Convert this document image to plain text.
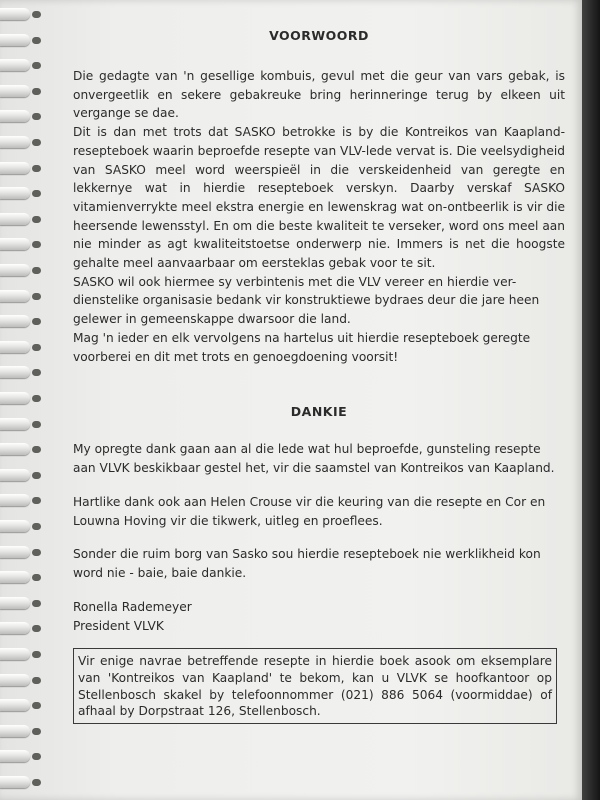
VOORWOORD

Die gedagte van 'n gesellige kombuis, gevul met die geur van vars gebak, is onvergeetlik en sekere gebakreuke bring herinneringe terug by elkeen uit vergange se dae.

Dit is dan met trots dat SASKO betrokke is by die Kontreikos van Kaapland-resepteboek waarin beproefde resepte van VLV-lede vervat is. Die veelsydigheid van SASKO meel word weerspieël in die verskeidenheid van geregte en lekkernye wat in hierdie resepteboek verskyn. Daarby verskaf SASKO vitamienverrykte meel ekstra energie en lewenskrag wat on-ontbeerlik is vir die heersende lewensstyl. En om die beste kwaliteit te verseker, word ons meel aan nie minder as agt kwaliteitstoetse onderwerp nie. Immers is net die hoogste gehalte meel aanvaarbaar om eersteklas gebak voor te sit.

SASKO wil ook hiermee sy verbintenis met die VLV vereer en hierdie ver-dienstelike organisasie bedank vir konstruktiewe bydraes deur die jare heen gelewer in gemeenskappe dwarsoor die land.

Mag 'n ieder en elk vervolgens na hartelus uit hierdie resepteboek geregte voorberei en dit met trots en genoegdoening voorsit!

DANKIE

My opregte dank gaan aan al die lede wat hul beproefde, gunsteling resepte aan VLVK beskikbaar gestel het, vir die saamstel van Kontreikos van Kaapland.

Hartlike dank ook aan Helen Crouse vir die keuring van die resepte en Cor en Louwna Hoving vir die tikwerk, uitleg en proeflees.

Sonder die ruim borg van Sasko sou hierdie resepteboek nie werklikheid kon word nie - baie, baie dankie.

Ronella Rademeyer

President VLVK

Vir enige navrae betreffende resepte in hierdie boek asook om eksemplare van 'Kontreikos van Kaapland' te bekom, kan u VLVK se hoofkantoor op Stellenbosch skakel by telefoonnommer (021) 886 5064 (voormiddae) of afhaal by Dorpstraat 126, Stellenbosch.
